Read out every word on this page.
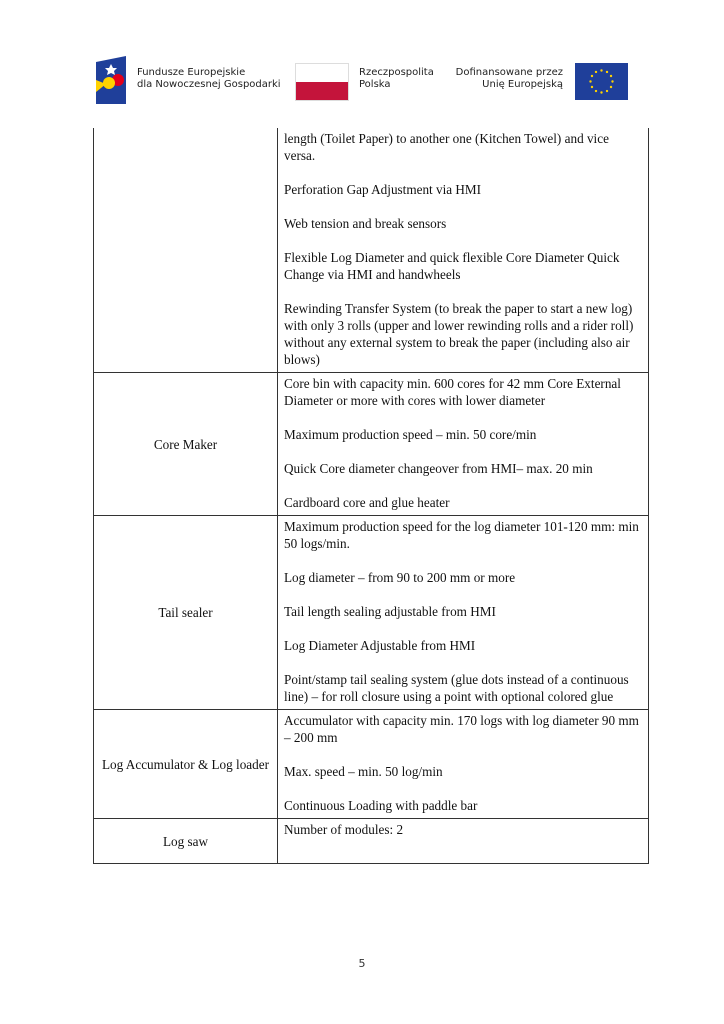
Fundusze Europejskie
dla Nowoczesnej Gospodarki
Rzeczpospolita
Polska
Dofinansowane przez
Unię Europejską

	length (Toilet Paper) to another one (Kitchen Towel) and vice versa.

Perforation Gap Adjustment via HMI

Web tension and break sensors

Flexible Log Diameter and quick flexible Core Diameter Quick Change via HMI and handwheels

Rewinding Transfer System (to break the paper to start a new log) with only 3 rolls (upper and lower rewinding rolls and a rider roll) without any external system to break the paper (including also air blows)

Core Maker	Core bin with capacity min. 600 cores for 42 mm Core External Diameter or more with cores with lower diameter

Maximum production speed – min. 50 core/min

Quick Core diameter changeover from HMI– max. 20 min

Cardboard core and glue heater

Tail sealer	Maximum production speed for the log diameter 101-120 mm: min 50 logs/min.

Log diameter – from 90 to 200 mm or more

Tail length sealing adjustable from HMI

Log Diameter Adjustable from HMI

Point/stamp tail sealing system (glue dots instead of a continuous line) – for roll closure using a point with optional colored glue

Log Accumulator & Log loader	Accumulator with capacity min. 170 logs with log diameter 90 mm – 200 mm

Max. speed – min. 50 log/min

Continuous Loading with paddle bar

Log saw	Number of modules: 2

5
